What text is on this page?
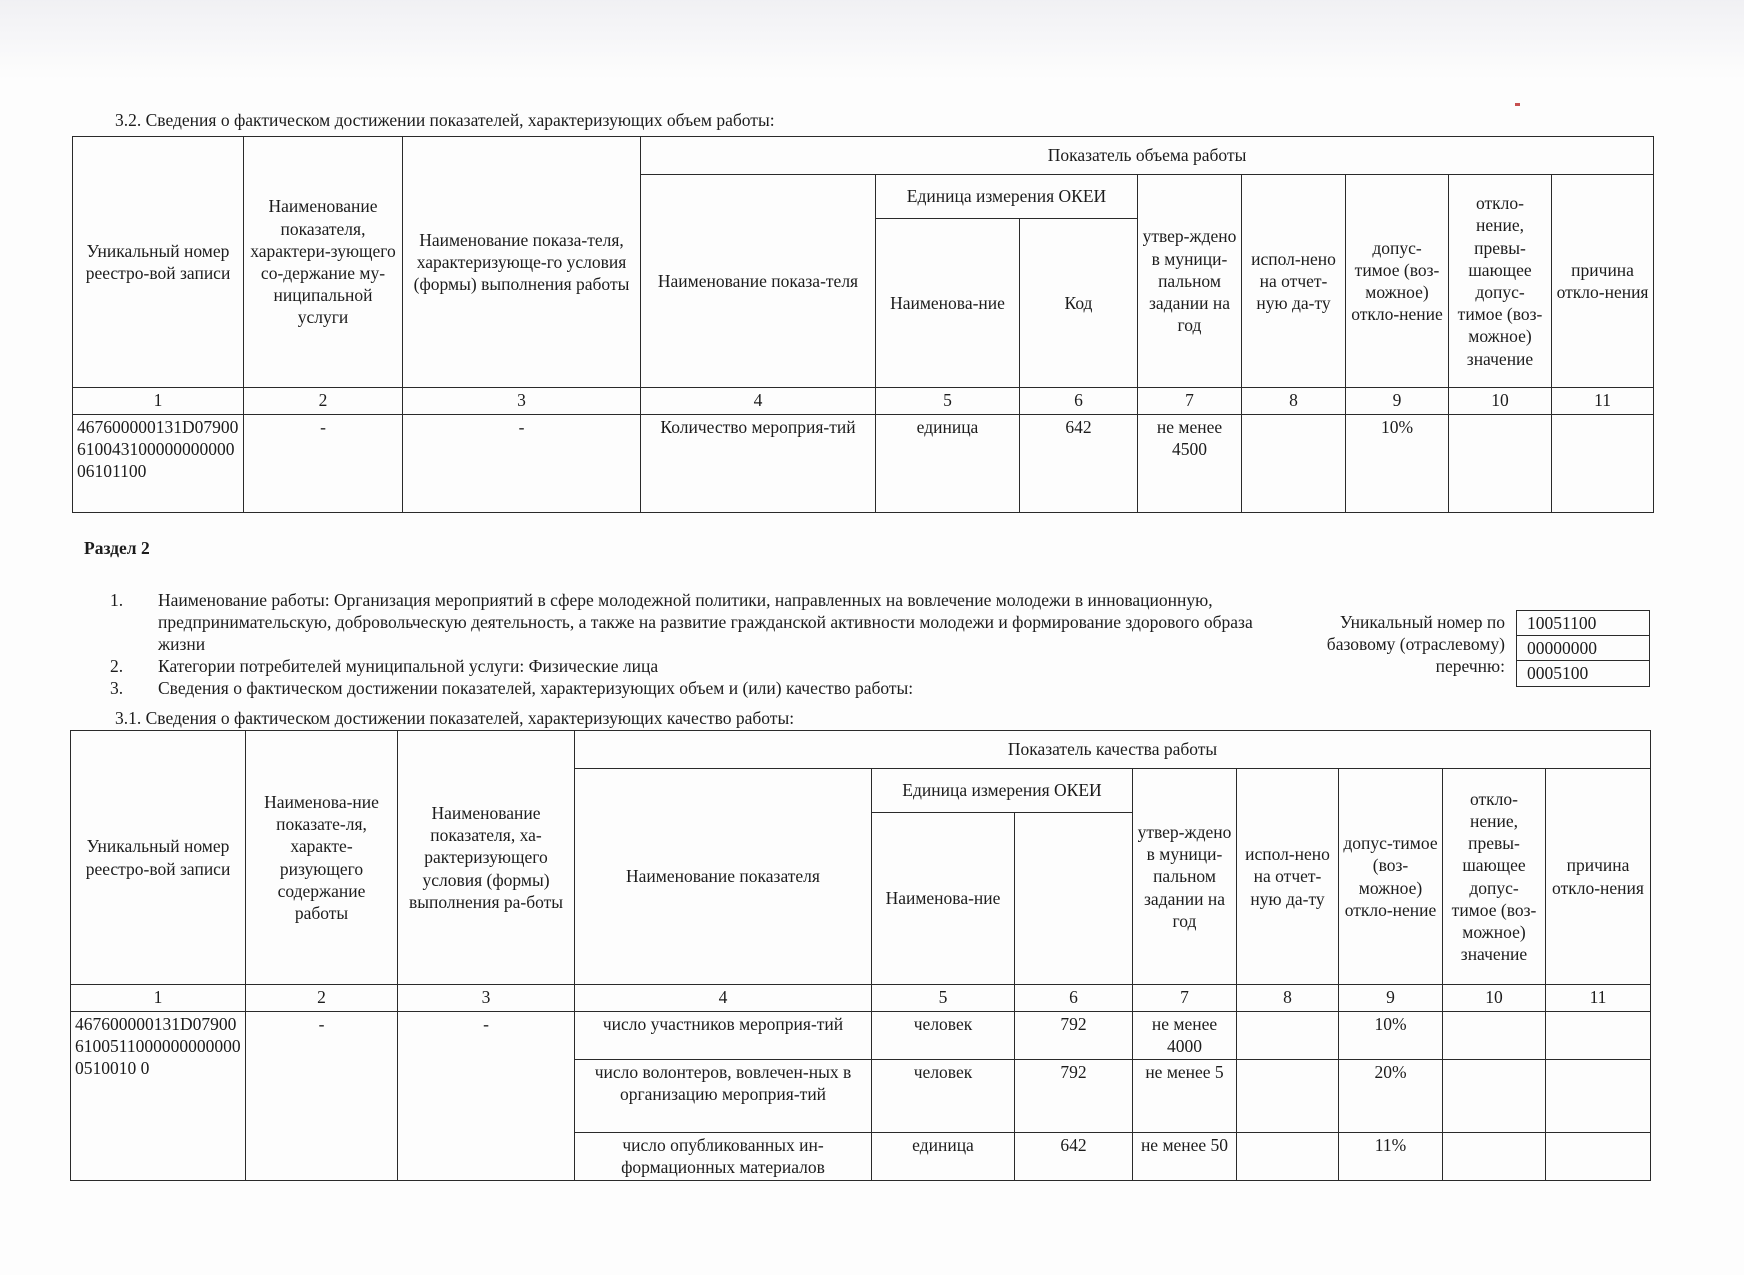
3.2. Сведения о фактическом достижении показателей, характеризующих объем работы:
Уникальный номер реестро-вой записи	Наименование показателя, характери-зующего со-держание му-ниципальной услуги	Наименование показа-теля, характеризующе-го условия (формы) выполнения работы	Показатель объема работы							
			Наименование показа-теля	Единица измерения ОКЕИ		утвер-ждено в муници-пальном задании на год	испол-нено на отчет-ную да-ту	допус-тимое (воз-можное) откло-нение	откло-нение, превы-шающее допус-тимое (воз-можное) значение	причина откло-нения
				Наименова-ние	Код					
1	2	3	4	5	6	7	8	9	10	11
467600000131D0790061004310000000000006101100	-	-	Количество мероприя-тий	единица	642	не менее 4500		10%		
Раздел 2
1. Наименование работы: Организация мероприятий в сфере молодежной политики, направленных на вовлечение молодежи в инновационную, предпринимательскую, добровольческую деятельность, а также на развитие гражданской активности молодежи и формирование здорового образа жизни
2. Категории потребителей муниципальной услуги: Физические лица
3. Сведения о фактическом достижении показателей, характеризующих объем и (или) качество работы:
Уникальный номер по базовому (отраслевому) перечню:
10051100
00000000
0005100
3.1. Сведения о фактическом достижении показателей, характеризующих качество работы:
Уникальный номер реестро-вой записи	Наименова-ние показате-ля, характе-ризующего содержание работы	Наименование показателя, ха-рактеризующего условия (формы) выполнения ра-боты	Показатель качества работы							
			Наименование показателя	Единица измерения ОКЕИ		утвер-ждено в муници-пальном задании на год	испол-нено на отчет-ную да-ту	допус-тимое (воз-можное) откло-нение	откло-нение, превы-шающее допус-тимое (воз-можное) значение	причина откло-нения
				Наименова-ние						
1	2	3	4	5	6	7	8	9	10	11
467600000131D0790061005110000000000000510010 0	-	-	число участников мероприя-тий	человек	792	не менее 4000		10%		
			число волонтеров, вовлечен-ных в организацию мероприя-тий	человек	792	не менее 5		20%		
			число опубликованных ин-формационных материалов	единица	642	не менее 50		11%		
